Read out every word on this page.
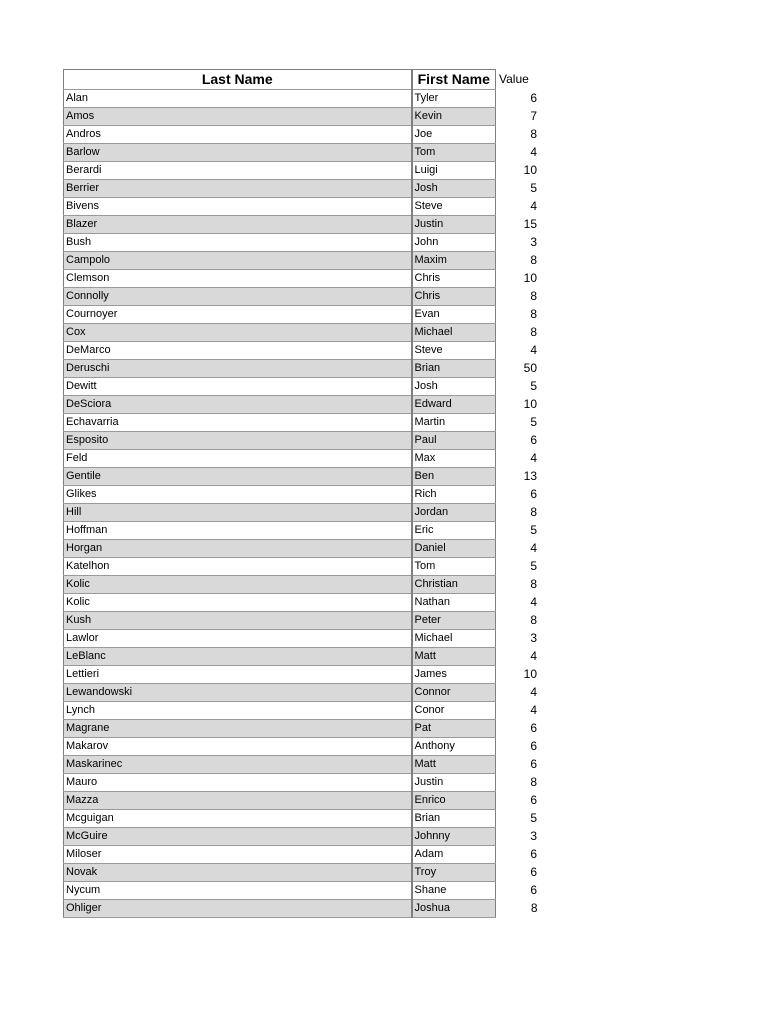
Last Name	First Name	Value
Alan	Tyler	6
Amos	Kevin	7
Andros	Joe	8
Barlow	Tom	4
Berardi	Luigi	10
Berrier	Josh	5
Bivens	Steve	4
Blazer	Justin	15
Bush	John	3
Campolo	Maxim	8
Clemson	Chris	10
Connolly	Chris	8
Cournoyer	Evan	8
Cox	Michael	8
DeMarco	Steve	4
Deruschi	Brian	50
Dewitt	Josh	5
DeSciora	Edward	10
Echavarria	Martin	5
Esposito	Paul	6
Feld	Max	4
Gentile	Ben	13
Glikes	Rich	6
Hill	Jordan	8
Hoffman	Eric	5
Horgan	Daniel	4
Katelhon	Tom	5
Kolic	Christian	8
Kolic	Nathan	4
Kush	Peter	8
Lawlor	Michael	3
LeBlanc	Matt	4
Lettieri	James	10
Lewandowski	Connor	4
Lynch	Conor	4
Magrane	Pat	6
Makarov	Anthony	6
Maskarinec	Matt	6
Mauro	Justin	8
Mazza	Enrico	6
Mcguigan	Brian	5
McGuire	Johnny	3
Miloser	Adam	6
Novak	Troy	6
Nycum	Shane	6
Ohliger	Joshua	8
